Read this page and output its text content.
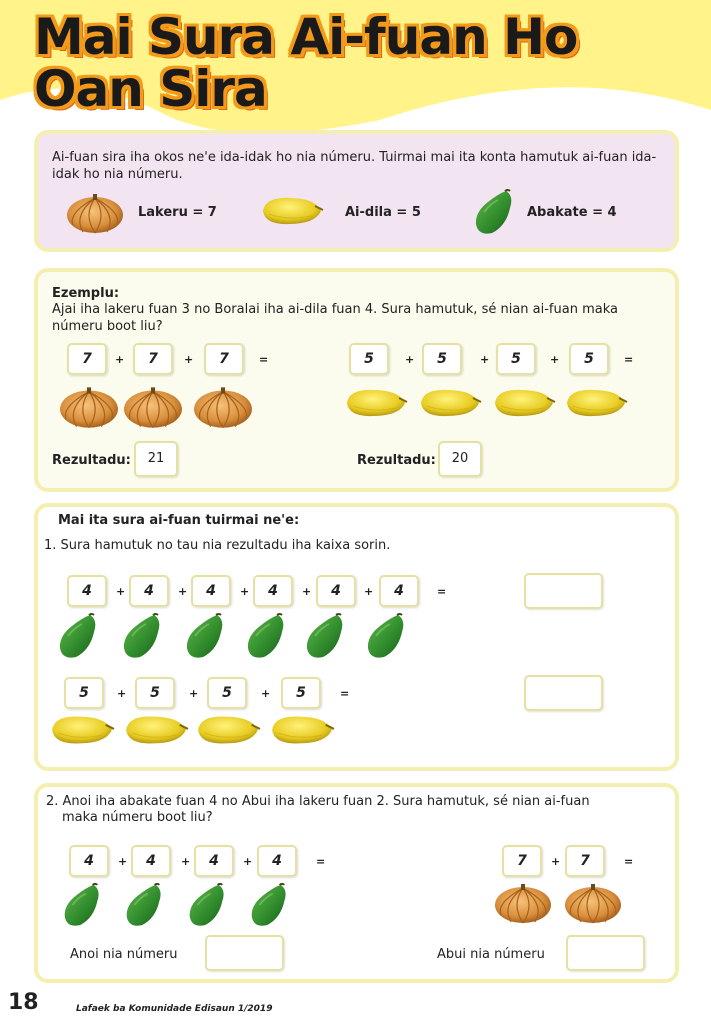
Mai Sura Ai-fuan Ho
Oan Sira
Ai-fuan sira iha okos ne'e ida-idak ho nia númeru. Tuirmai mai ita konta hamutuk ai-fuan ida-idak ho nia númeru.
Lakeru = 7	Ai-dila = 5	Abakate = 4
Ezemplu:
Ajai iha lakeru fuan 3 no Boralai iha ai-dila fuan 4. Sura hamutuk, sé nian ai-fuan maka númeru boot liu?
7	+	7	+	7	=	5	+	5	+	5	+	5	=
Rezultadu:	21	Rezultadu:	20
Mai ita sura ai-fuan tuirmai ne'e:
1. Sura hamutuk no tau nia rezultadu iha kaixa sorin.
4	+	4	+	4	+	4	+	4	+	4	=
5	+	5	+	5	+	5	=
2. Anoi iha abakate fuan 4 no Abui iha lakeru fuan 2. Sura hamutuk, sé nian ai-fuan
maka númeru boot liu?
4	+	4	+	4	+	4	=	7	+	7	=
Anoi nia númeru	Abui nia númeru
18	Lafaek ba Komunidade Edisaun 1/2019
